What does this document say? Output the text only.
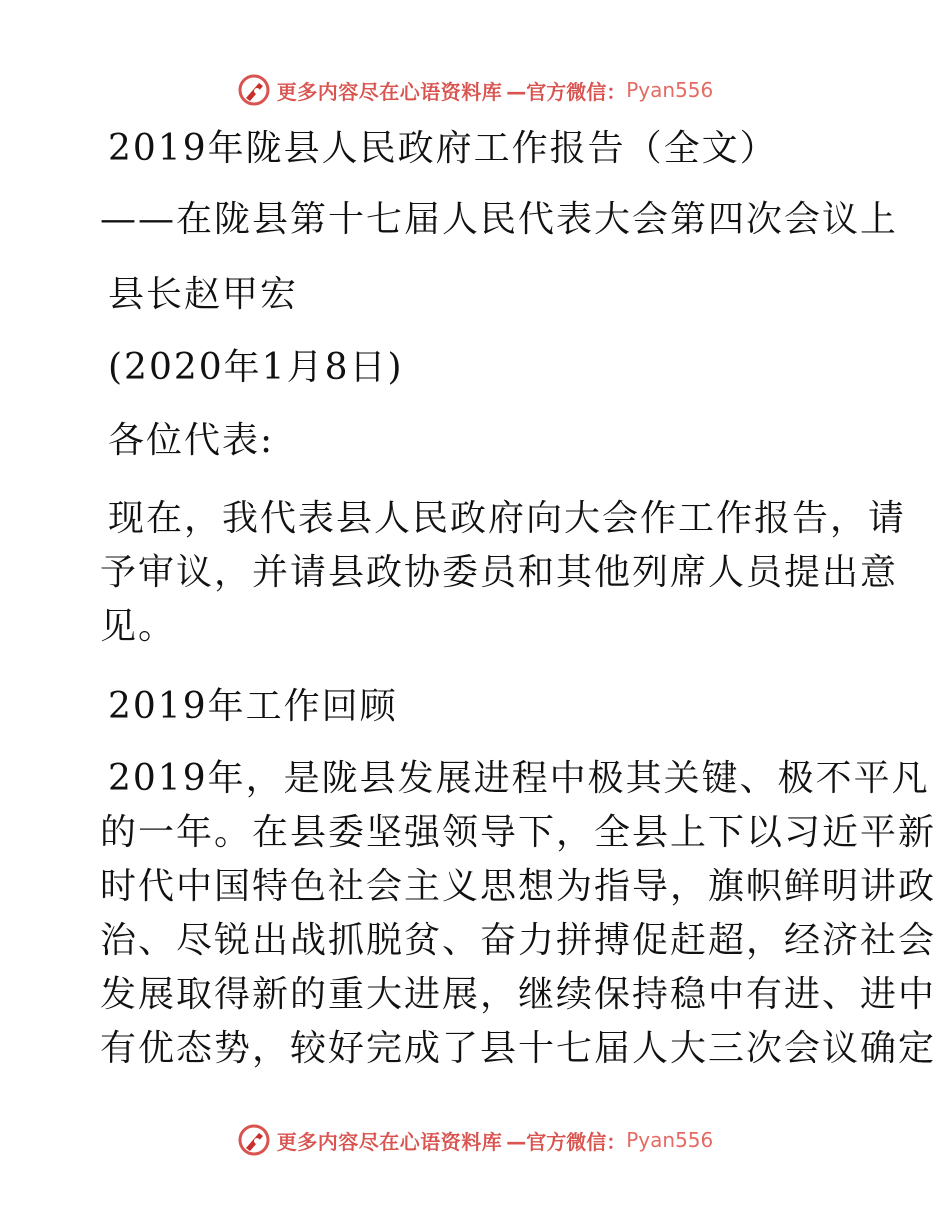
更多内容尽在心语资料库 —官方微信： Pyan556
2019年陇县人民政府工作报告（全文）
——在陇县第十七届人民代表大会第四次会议上
县长赵甲宏
(2020年1月8日)
各位代表:
现在，我代表县人民政府向大会作工作报告，请
予审议，并请县政协委员和其他列席人员提出意
见。
2019年工作回顾
2019年，是陇县发展进程中极其关键、极不平凡
的一年。在县委坚强领导下，全县上下以习近平新
时代中国特色社会主义思想为指导，旗帜鲜明讲政
治、尽锐出战抓脱贫、奋力拼搏促赶超，经济社会
发展取得新的重大进展，继续保持稳中有进、进中
有优态势，较好完成了县十七届人大三次会议确定
更多内容尽在心语资料库 —官方微信： Pyan556
